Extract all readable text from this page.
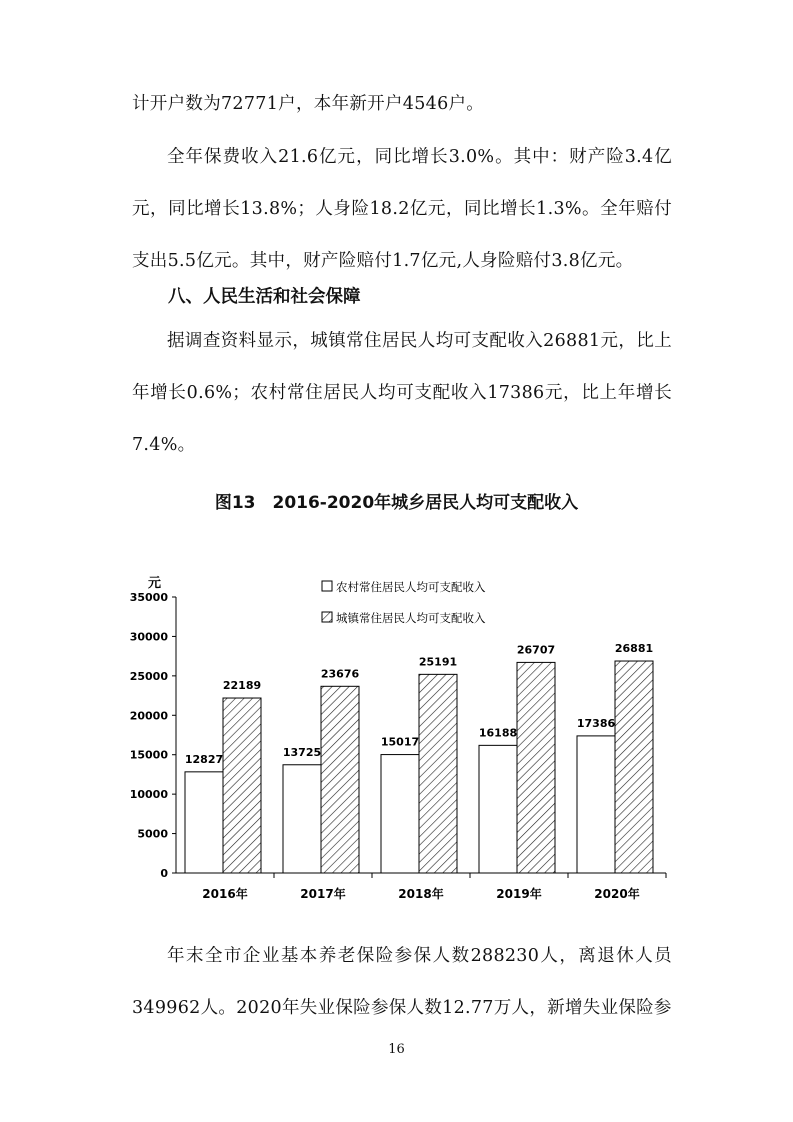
计开户数为72771户，本年新开户4546户。

全年保费收入21.6亿元，同比增长3.0%。其中：财产险3.4亿元，同比增长13.8%；人身险18.2亿元，同比增长1.3%。全年赔付支出5.5亿元。其中，财产险赔付1.7亿元,人身险赔付3.8亿元。

八、人民生活和社会保障

据调查资料显示，城镇常住居民人均可支配收入26881元，比上年增长0.6%；农村常住居民人均可支配收入17386元，比上年增长7.4%。

图13　2016-2020年城乡居民人均可支配收入
0
5000
10000
15000
20000
25000
30000
35000
元
2016年	2017年	2018年	2019年	2020年
12827
22189
13725
23676
15017
25191
16188
26707
17386
26881
农村常住居民人均可支配收入
城镇常住居民人均可支配收入

年末全市企业基本养老保险参保人数288230人，离退休人员349962人。2020年失业保险参保人数12.77万人，新增失业保险参

16
